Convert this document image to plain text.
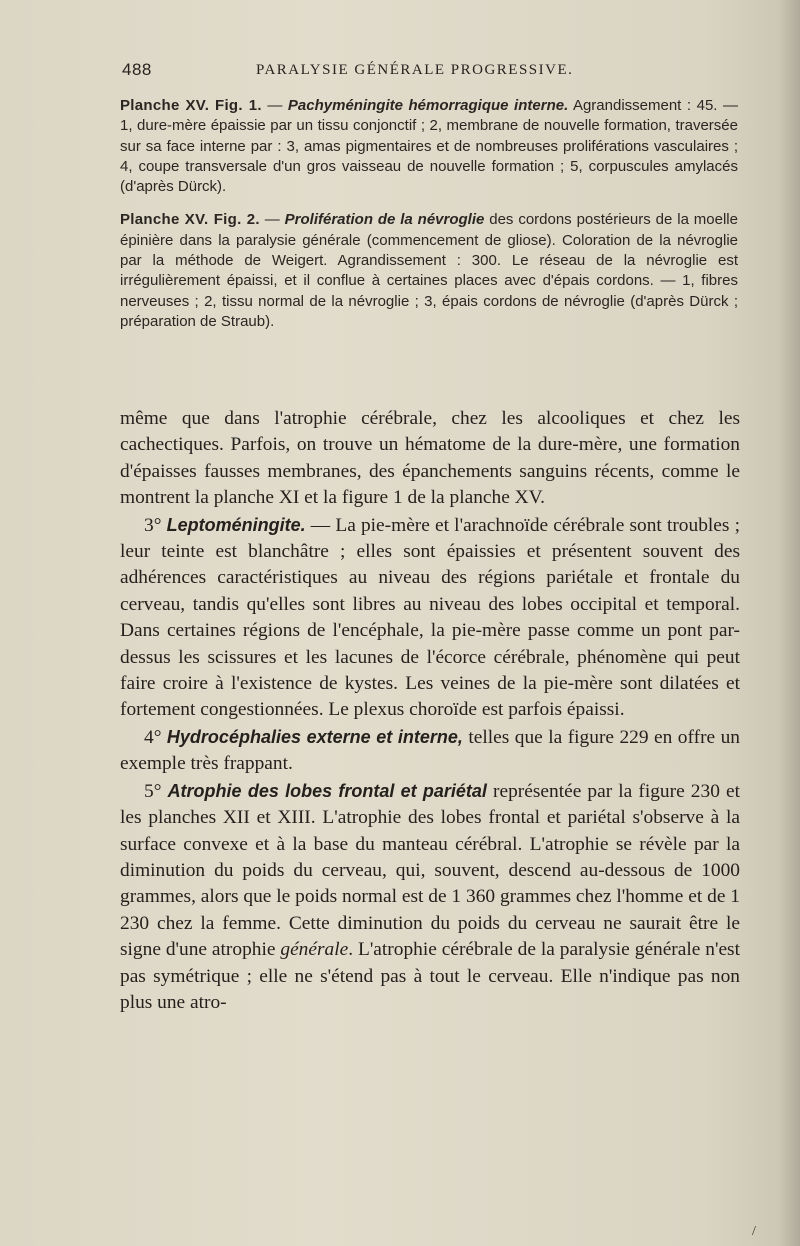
488	PARALYSIE GÉNÉRALE PROGRESSIVE.

Planche XV. Fig. 1. — Pachyméningite hémorragique interne. Agrandissement : 45. — 1, dure-mère épaissie par un tissu conjonctif ; 2, membrane de nouvelle formation, traversée sur sa face interne par : 3, amas pigmentaires et de nombreuses proliférations vasculaires ; 4, coupe transversale d'un gros vaisseau de nouvelle formation ; 5, corpuscules amylacés (d'après Dürck).

Planche XV. Fig. 2. — Prolifération de la névroglie des cordons postérieurs de la moelle épinière dans la paralysie générale (commencement de gliose). Coloration de la névroglie par la méthode de Weigert. Agrandissement : 300. Le réseau de la névroglie est irrégulièrement épaissi, et il conflue à certaines places avec d'épais cordons. — 1, fibres nerveuses ; 2, tissu normal de la névroglie ; 3, épais cordons de névroglie (d'après Dürck ; préparation de Straub).

même que dans l'atrophie cérébrale, chez les alcooliques et chez les cachectiques. Parfois, on trouve un hématome de la dure-mère, une formation d'épaisses fausses membranes, des épanchements sanguins récents, comme le montrent la planche XI et la figure 1 de la planche XV.

3° Leptoméningite. — La pie-mère et l'arachnoïde cérébrale sont troubles ; leur teinte est blanchâtre ; elles sont épaissies et présentent souvent des adhérences caractéristiques au niveau des régions pariétale et frontale du cerveau, tandis qu'elles sont libres au niveau des lobes occipital et temporal. Dans certaines régions de l'encéphale, la pie-mère passe comme un pont par-dessus les scissures et les lacunes de l'écorce cérébrale, phénomène qui peut faire croire à l'existence de kystes. Les veines de la pie-mère sont dilatées et fortement congestionnées. Le plexus choroïde est parfois épaissi.

4° Hydrocéphalies externe et interne, telles que la figure 229 en offre un exemple très frappant.

5° Atrophie des lobes frontal et pariétal représentée par la figure 230 et les planches XII et XIII. L'atrophie des lobes frontal et pariétal s'observe à la surface convexe et à la base du manteau cérébral. L'atrophie se révèle par la diminution du poids du cerveau, qui, souvent, descend au-dessous de 1000 grammes, alors que le poids normal est de 1 360 grammes chez l'homme et de 1 230 chez la femme. Cette diminution du poids du cerveau ne saurait être le signe d'une atrophie générale. L'atrophie cérébrale de la paralysie générale n'est pas symétrique ; elle ne s'étend pas à tout le cerveau. Elle n'indique pas non plus une atro-

/
